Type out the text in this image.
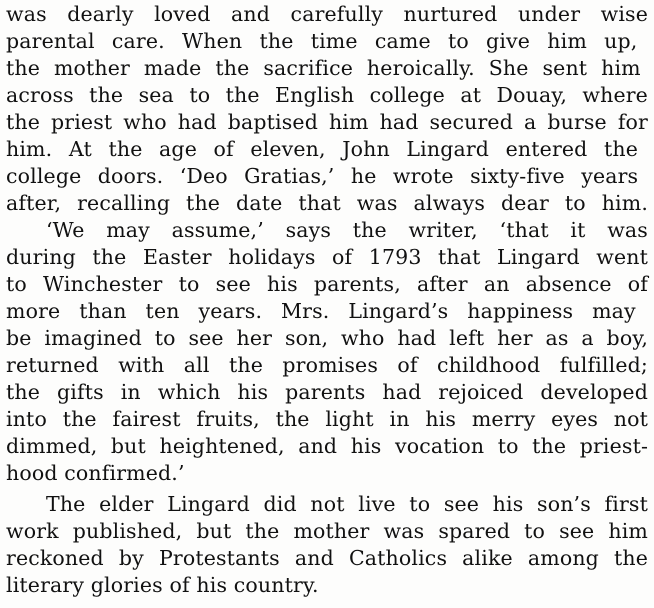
was dearly loved and carefully nurtured under wise
parental care. When the time came to give him up,
the mother made the sacrifice heroically. She sent him
across the sea to the English college at Douay, where
the priest who had baptised him had secured a burse for
him. At the age of eleven, John Lingard entered the
college doors. ‘Deo Gratias,’ he wrote sixty-five years
after, recalling the date that was always dear to him.
‘We may assume,’ says the writer, ‘that it was
during the Easter holidays of 1793 that Lingard went
to Winchester to see his parents, after an absence of
more than ten years. Mrs. Lingard’s happiness may
be imagined to see her son, who had left her as a boy,
returned with all the promises of childhood fulfilled;
the gifts in which his parents had rejoiced developed
into the fairest fruits, the light in his merry eyes not
dimmed, but heightened, and his vocation to the priest-
hood confirmed.’
The elder Lingard did not live to see his son’s first
work published, but the mother was spared to see him
reckoned by Protestants and Catholics alike among the
literary glories of his country.
